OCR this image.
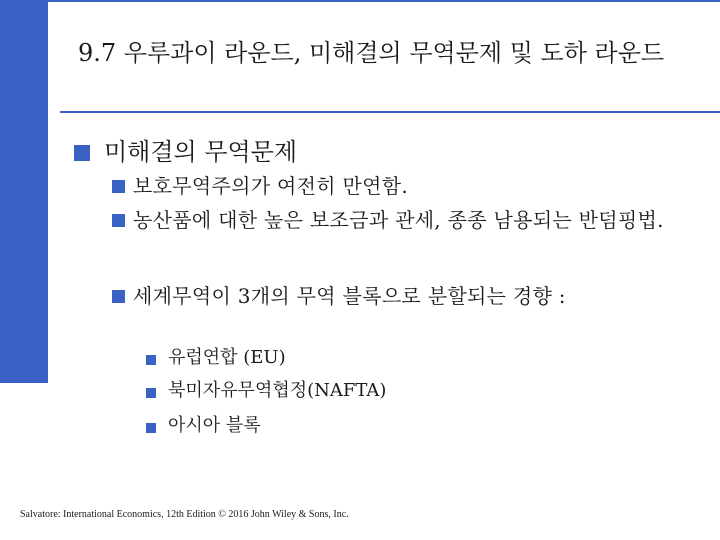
9.7 우루과이 라운드, 미해결의 무역문제 및 도하 라운드
미해결의 무역문제
보호무역주의가 여전히 만연함.
농산품에 대한 높은 보조금과 관세, 종종 남용되는 반덤핑법.
세계무역이 3개의 무역 블록으로 분할되는 경향 :
유럽연합 (EU)
북미자유무역협정(NAFTA)
아시아 블록
Salvatore: International Economics, 12th Edition © 2016 John Wiley & Sons, Inc.
